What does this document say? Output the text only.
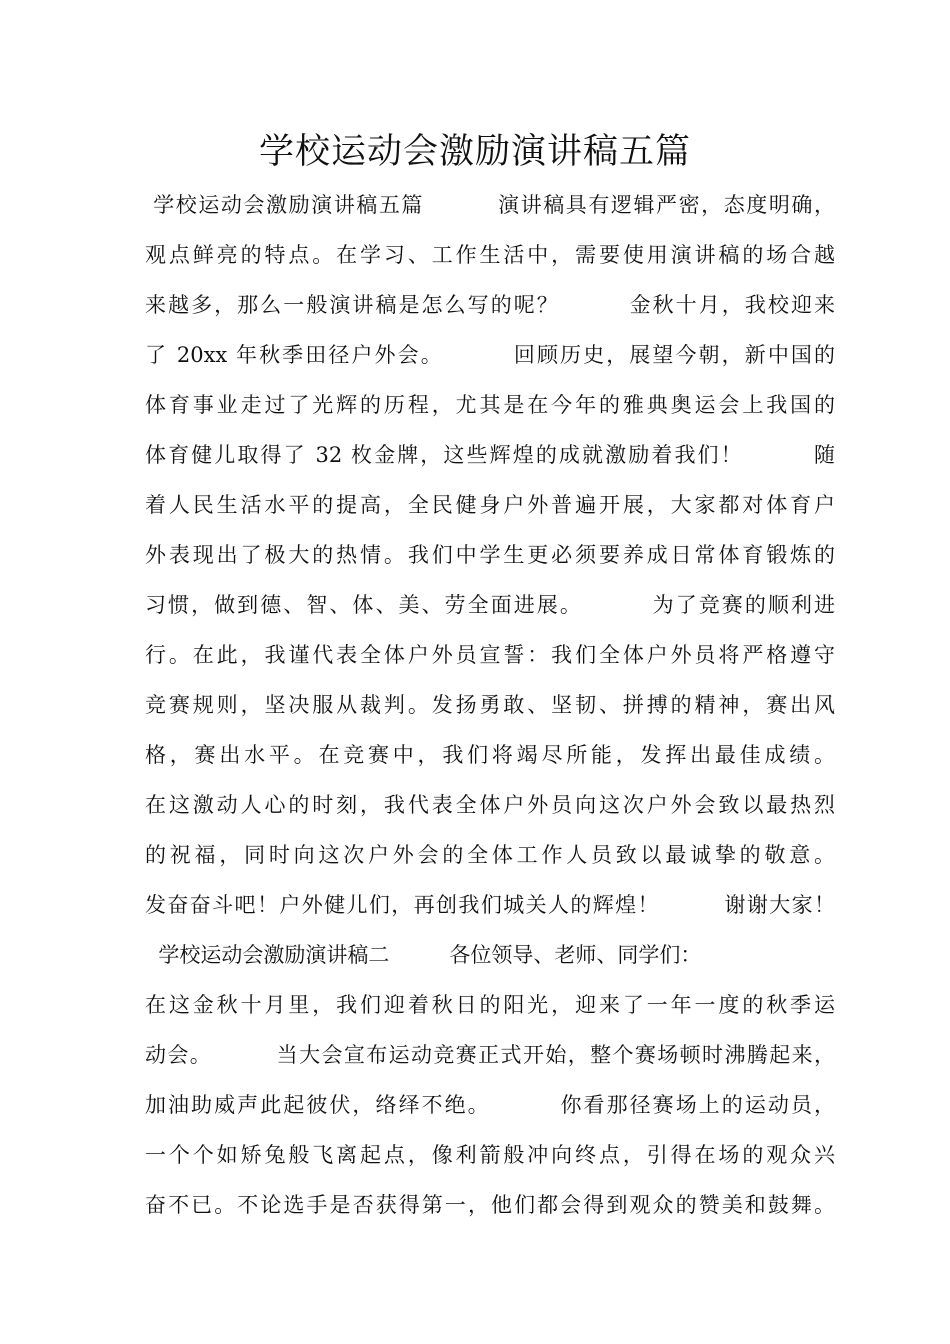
学校运动会激励演讲稿五篇
学校运动会激励演讲稿五篇         演讲稿具有逻辑严密，态度明确，
观点鲜亮的特点。在学习、工作生活中，需要使用演讲稿的场合越
来越多，那么一般演讲稿是怎么写的呢？        金秋十月，我校迎来
了 20xx 年秋季田径户外会。        回顾历史，展望今朝，新中国的
体育事业走过了光辉的历程，尤其是在今年的雅典奥运会上我国的
体育健儿取得了 32 枚金牌，这些辉煌的成就激励着我们！        随
着人民生活水平的提高，全民健身户外普遍开展，大家都对体育户
外表现出了极大的热情。我们中学生更必须要养成日常体育锻炼的
习惯，做到德、智、体、美、劳全面进展。        为了竞赛的顺利进
行。在此，我谨代表全体户外员宣誓：我们全体户外员将严格遵守
竞赛规则，坚决服从裁判。发扬勇敢、坚韧、拼搏的精神，赛出风
格，赛出水平。在竞赛中，我们将竭尽所能，发挥出最佳成绩。
在这激动人心的时刻，我代表全体户外员向这次户外会致以最热烈
的祝福，同时向这次户外会的全体工作人员致以最诚挚的敬意。
发奋奋斗吧！户外健儿们，再创我们城关人的辉煌！        谢谢大家！
学校运动会激励演讲稿二         各位领导、老师、同学们：
在这金秋十月里，我们迎着秋日的阳光，迎来了一年一度的秋季运
动会。        当大会宣布运动竞赛正式开始，整个赛场顿时沸腾起来，
加油助威声此起彼伏，络绎不绝。        你看那径赛场上的运动员，
一个个如矫兔般飞离起点，像利箭般冲向终点，引得在场的观众兴
奋不已。不论选手是否获得第一，他们都会得到观众的赞美和鼓舞。
